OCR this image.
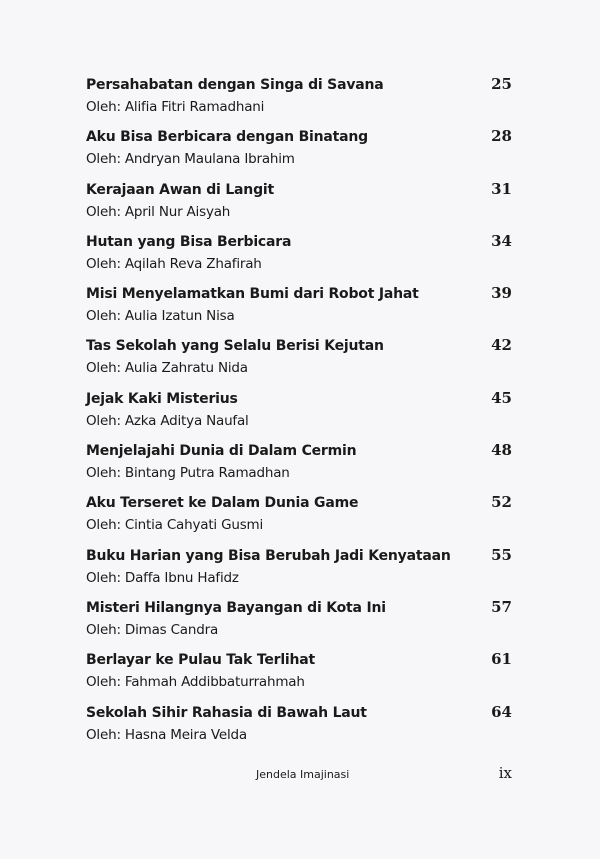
Persahabatan dengan Singa di Savana	25
Oleh: Alifia Fitri Ramadhani
Aku Bisa Berbicara dengan Binatang	28
Oleh: Andryan Maulana Ibrahim
Kerajaan Awan di Langit	31
Oleh: April Nur Aisyah
Hutan yang Bisa Berbicara	34
Oleh: Aqilah Reva Zhafirah
Misi Menyelamatkan Bumi dari Robot Jahat	39
Oleh: Aulia Izatun Nisa
Tas Sekolah yang Selalu Berisi Kejutan	42
Oleh: Aulia Zahratu Nida
Jejak Kaki Misterius	45
Oleh: Azka Aditya Naufal
Menjelajahi Dunia di Dalam Cermin	48
Oleh: Bintang Putra Ramadhan
Aku Terseret ke Dalam Dunia Game	52
Oleh: Cintia Cahyati Gusmi
Buku Harian yang Bisa Berubah Jadi Kenyataan	55
Oleh: Daffa Ibnu Hafidz
Misteri Hilangnya Bayangan di Kota Ini	57
Oleh: Dimas Candra
Berlayar ke Pulau Tak Terlihat	61
Oleh: Fahmah Addibbaturrahmah
Sekolah Sihir Rahasia di Bawah Laut	64
Oleh: Hasna Meira Velda
Jendela Imajinasi	ix
